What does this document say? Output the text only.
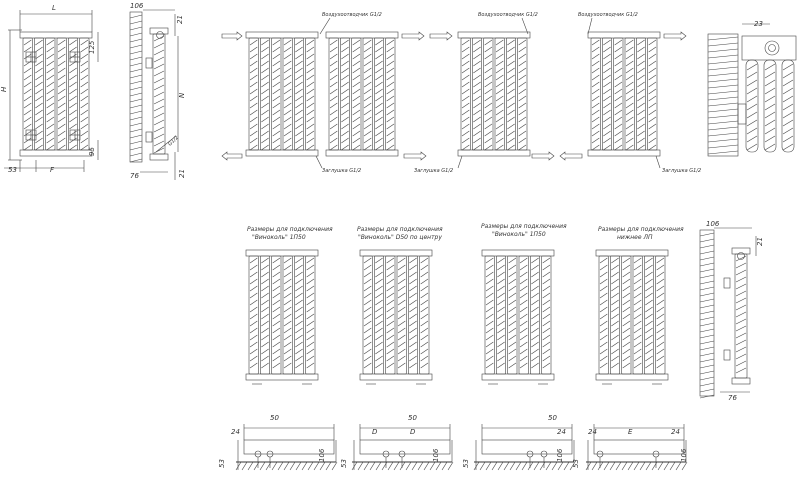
L
H
125
95
53	F
106
21
N
21
76
G1/2
Воздухоотводчик G1/2	Воздухоотводчик G1/2	Воздухоотводчик G1/2
Заглушка G1/2	Заглушка G1/2	Заглушка G1/2
23
Размеры для подключения
"Виноколь" 1П50
Размеры для подключения
"Виноколь" D50 по центру
Размеры для подключения
"Виноколь" 1П50
Размеры для подключения
нижнее ЛП
106
21
76
50
24
53
106
50
D	D
53
106
50
24
53
106
24	E	24
53
106
